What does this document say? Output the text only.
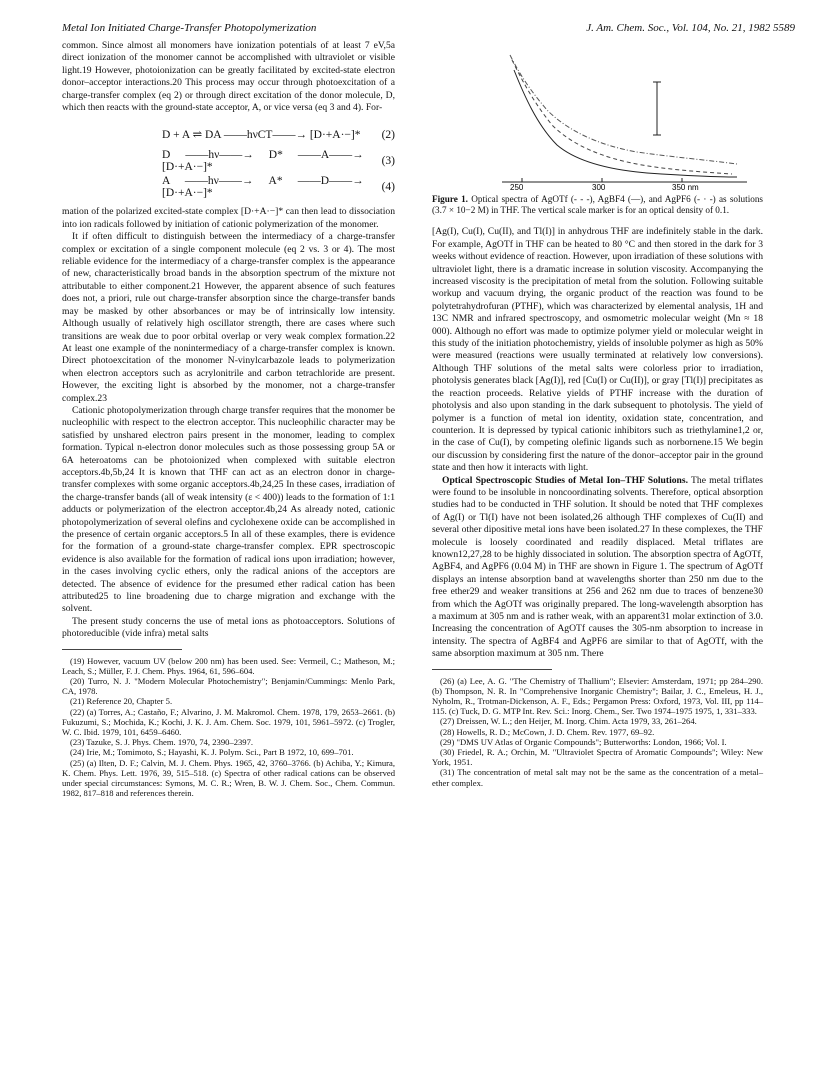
Metal Ion Initiated Charge-Transfer Photopolymerization	J. Am. Chem. Soc., Vol. 104, No. 21, 1982 5589

common. Since almost all monomers have ionization potentials of at least 7 eV,5a direct ionization of the monomer cannot be accomplished with ultraviolet or visible light.19 However, photoionization can be greatly facilitated by excited-state electron donor–acceptor interactions.20 This process may occur through photoexcitation of a charge-transfer complex (eq 2) or through direct excitation of the donor molecule, D, which then reacts with the ground-state acceptor, A, or vice versa (eq 3 and 4). For-

D + A ⇌ DA ——hνCT——→ [D·+A·−]*	(2)
D ——hν——→ D* ——A——→ [D·+A·−]*
(3)
A ——hν——→ A* ——D——→ [D·+A·−]*
(4)

mation of the polarized excited-state complex [D·+A·−]* can then lead to dissociation into ion radicals followed by initiation of cationic polymerization of the monomer.

It if often difficult to distinguish between the intermediacy of a charge-transfer complex or excitation of a single component molecule (eq 2 vs. 3 or 4). The most reliable evidence for the intermediacy of a charge-transfer complex is the appearance of new, characteristically broad bands in the absorption spectrum of the mixture not attributable to either component.21 However, the apparent absence of such features does not, a priori, rule out charge-transfer absorption since the charge-transfer bands may be masked by other absorbances or may be of intrinsically low intensity. Although usually of relatively high oscillator strength, there are cases where such transitions are weak due to poor orbital overlap or very weak complex formation.22 At least one example of the nonintermediacy of a charge-transfer complex is known. Direct photoexcitation of the monomer N-vinylcarbazole leads to polymerization when electron acceptors such as acrylonitrile and carbon tetrachloride are present. However, the exciting light is absorbed by the monomer, not a charge-transfer complex.23

Cationic photopolymerization through charge transfer requires that the monomer be nucleophilic with respect to the electron acceptor. This nucleophilic character may be satisfied by unshared electron pairs present in the monomer, leading to complex formation. Typical n-electron donor molecules such as those possessing group 5A or 6A heteroatoms can be photoionized when complexed with suitable electron acceptors.4b,5b,24 It is known that THF can act as an electron donor in charge-transfer complexes with some organic acceptors.4b,24,25 In these cases, irradiation of the charge-transfer bands (all of weak intensity (ε < 400)) leads to the formation of 1:1 adducts or polymerization of the electron acceptor.4b,24 As already noted, cationic photopolymerization of several olefins and cyclohexene oxide can be accomplished in the presence of certain organic acceptors.5 In all of these examples, there is evidence for the formation of a ground-state charge-transfer complex. EPR spectroscopic evidence is also available for the formation of radical ions upon irradiation; however, in the cases involving cyclic ethers, only the radical anions of the acceptors are detected. The absence of evidence for the presumed ether radical cation has been attributed25 to line broadening due to charge migration and exchange with the solvent.

The present study concerns the use of metal ions as photoacceptors. Solutions of photoreducible (vide infra) metal salts

(19) However, vacuum UV (below 200 nm) has been used. See: Vermeil, C.; Matheson, M.; Leach, S.; Müller, F. J. Chem. Phys. 1964, 61, 596–604.

(20) Turro, N. J. "Modern Molecular Photochemistry"; Benjamin/Cummings: Menlo Park, CA, 1978.

(21) Reference 20, Chapter 5.

(22) (a) Torres, A.; Castaño, F.; Alvarino, J. M. Makromol. Chem. 1978, 179, 2653–2661. (b) Fukuzumi, S.; Mochida, K.; Kochi, J. K. J. Am. Chem. Soc. 1979, 101, 5961–5972. (c) Trogler, W. C. Ibid. 1979, 101, 6459–6460.

(23) Tazuke, S. J. Phys. Chem. 1970, 74, 2390–2397.

(24) Irie, M.; Tomimoto, S.; Hayashi, K. J. Polym. Sci., Part B 1972, 10, 699–701.

(25) (a) Ilten, D. F.; Calvin, M. J. Chem. Phys. 1965, 42, 3760–3766. (b) Achiba, Y.; Kimura, K. Chem. Phys. Lett. 1976, 39, 515–518. (c) Spectra of other radical cations can be observed under special circumstances: Symons, M. C. R.; Wren, B. W. J. Chem. Soc., Chem. Commun. 1982, 817–818 and references therein.

250	300	350 nm
Figure 1. Optical spectra of AgOTf (- - -), AgBF4 (—), and AgPF6 (- · -) as solutions (3.7 × 10−2 M) in THF. The vertical scale marker is for an optical density of 0.1.

[Ag(I), Cu(I), Cu(II), and Tl(I)] in anhydrous THF are indefinitely stable in the dark. For example, AgOTf in THF can be heated to 80 °C and then stored in the dark for 3 weeks without evidence of reaction. However, upon irradiation of these solutions with ultraviolet light, there is a dramatic increase in solution viscosity. Accompanying the increased viscosity is the precipitation of metal from the solution. Following suitable workup and vacuum drying, the organic product of the reaction was found to be polytetrahydrofuran (PTHF), which was characterized by elemental analysis, 1H and 13C NMR and infrared spectroscopy, and osmometric molecular weight (Mn ≈ 18 000). Although no effort was made to optimize polymer yield or molecular weight in this study of the initiation photochemistry, yields of insoluble polymer as high as 50% were measured (reactions were usually terminated at relatively low conversions). Although THF solutions of the metal salts were colorless prior to irradiation, photolysis generates black [Ag(I)], red [Cu(I) or Cu(II)], or gray [Tl(I)] precipitates as the reaction proceeds. Relative yields of PTHF increase with the duration of photolysis and also upon standing in the dark subsequent to photolysis. The yield of polymer is a function of metal ion identity, oxidation state, concentration, and counterion. It is depressed by typical cationic inhibitors such as triethylamine1,2 or, in the case of Cu(I), by competing olefinic ligands such as norbornene.15 We begin our discussion by considering first the nature of the donor–acceptor pair in the ground state and then how it interacts with light.

Optical Spectroscopic Studies of Metal Ion–THF Solutions. The metal triflates were found to be insoluble in noncoordinating solvents. Therefore, optical absorption studies had to be conducted in THF solution. It should be noted that THF complexes of Ag(I) or Tl(I) have not been isolated,26 although THF complexes of Cu(II) and several other dipositive metal ions have been isolated.27 In these complexes, the THF molecule is loosely coordinated and readily displaced. Metal triflates are known12,27,28 to be highly dissociated in solution. The absorption spectra of AgOTf, AgBF4, and AgPF6 (0.04 M) in THF are shown in Figure 1. The spectrum of AgOTf displays an intense absorption band at wavelengths shorter than 250 nm due to the free ether29 and weaker transitions at 256 and 262 nm due to traces of benzene30 from which the AgOTf was originally prepared. The long-wavelength absorption has a maximum at 305 nm and is rather weak, with an apparent31 molar extinction of 3.0. Increasing the concentration of AgOTf causes the 305-nm absorption to increase in intensity. The spectra of AgBF4 and AgPF6 are similar to that of AgOTf, with the same absorption maximum at 305 nm. There

(26) (a) Lee, A. G. "The Chemistry of Thallium"; Elsevier: Amsterdam, 1971; pp 284–290. (b) Thompson, N. R. In "Comprehensive Inorganic Chemistry"; Bailar, J. C., Emeleus, H. J., Nyholm, R., Trotman-Dickenson, A. F., Eds.; Pergamon Press: Oxford, 1973, Vol. III, pp 114–115. (c) Tuck, D. G. MTP Int. Rev. Sci.: Inorg. Chem., Ser. Two 1974–1975 1975, 1, 331–333.

(27) Dreissen, W. L.; den Heijer, M. Inorg. Chim. Acta 1979, 33, 261–264.

(28) Howells, R. D.; McCown, J. D. Chem. Rev. 1977, 69–92.

(29) "DMS UV Atlas of Organic Compounds"; Butterworths: London, 1966; Vol. I.

(30) Friedel, R. A.; Orchin, M. "Ultraviolet Spectra of Aromatic Compounds"; Wiley: New York, 1951.

(31) The concentration of metal salt may not be the same as the concentration of a metal–ether complex.
